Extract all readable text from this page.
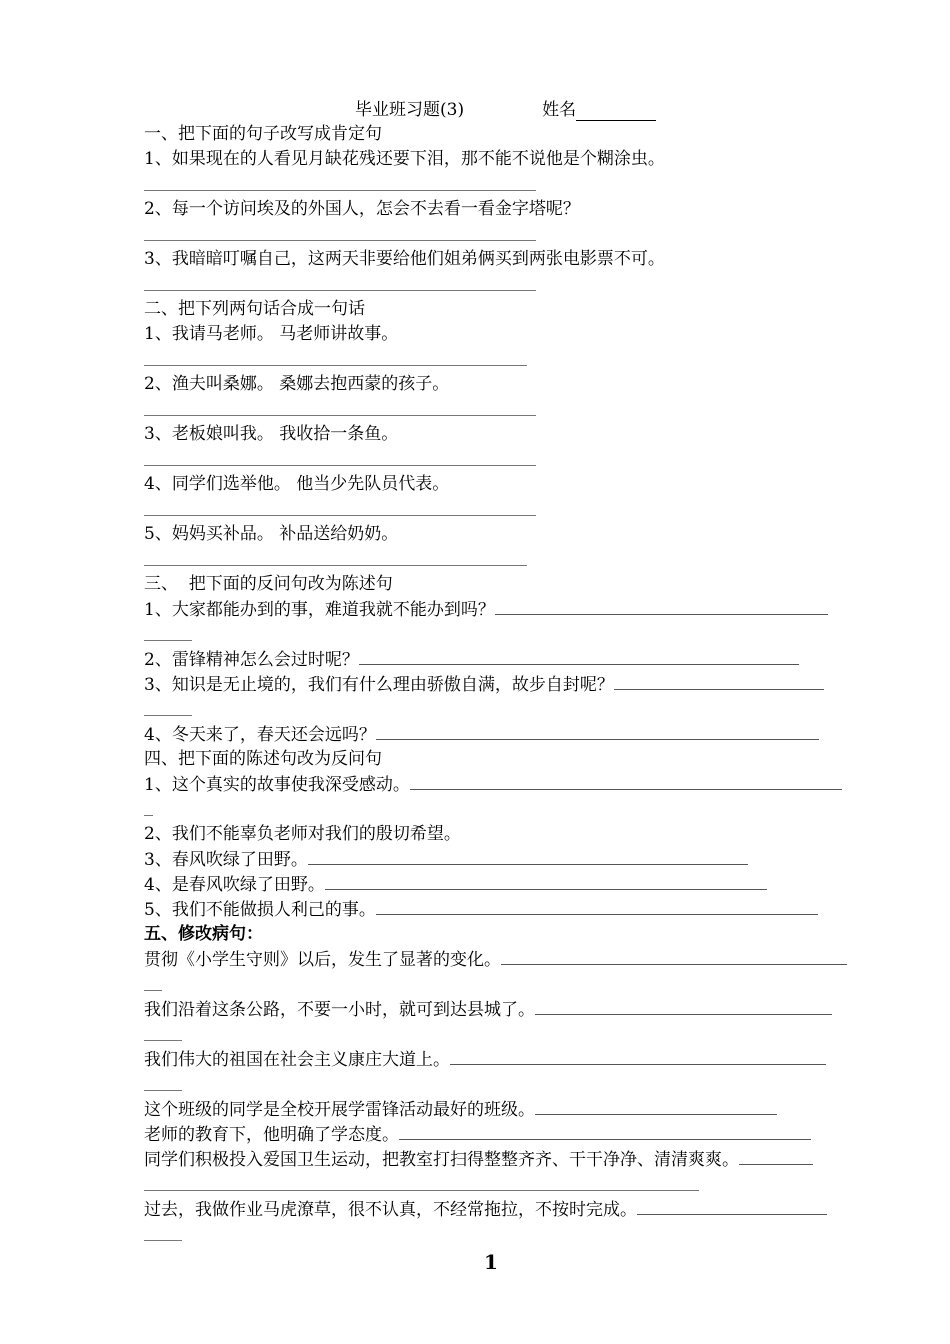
毕业班习题(3)	姓名
一、把下面的句子改写成肯定句
1、如果现在的人看见月缺花残还要下泪，那不能不说他是个糊涂虫。
2、每一个访问埃及的外国人，怎会不去看一看金字塔呢？
3、我暗暗叮嘱自己，这两天非要给他们姐弟俩买到两张电影票不可。
二、把下列两句话合成一句话
1、我请马老师。 马老师讲故事。
2、渔夫叫桑娜。 桑娜去抱西蒙的孩子。
3、老板娘叫我。 我收拾一条鱼。
4、同学们选举他。 他当少先队员代表。
5、妈妈买补品。 补品送给奶奶。
三、  把下面的反问句改为陈述句
1、大家都能办到的事，难道我就不能办到吗？
2、雷锋精神怎么会过时呢？
3、知识是无止境的，我们有什么理由骄傲自满，故步自封呢？
4、冬天来了，春天还会远吗？
四、把下面的陈述句改为反问句
1、这个真实的故事使我深受感动。
2、我们不能辜负老师对我们的殷切希望。
3、春风吹绿了田野。
4、是春风吹绿了田野。
5、我们不能做损人利己的事。
五、修改病句：
贯彻《小学生守则》以后，发生了显著的变化。
我们沿着这条公路，不要一小时，就可到达县城了。
我们伟大的祖国在社会主义康庄大道上。
这个班级的同学是全校开展学雷锋活动最好的班级。
老师的教育下，他明确了学态度。
同学们积极投入爱国卫生运动，把教室打扫得整整齐齐、干干净净、清清爽爽。
过去，我做作业马虎潦草，很不认真，不经常拖拉，不按时完成。
1
